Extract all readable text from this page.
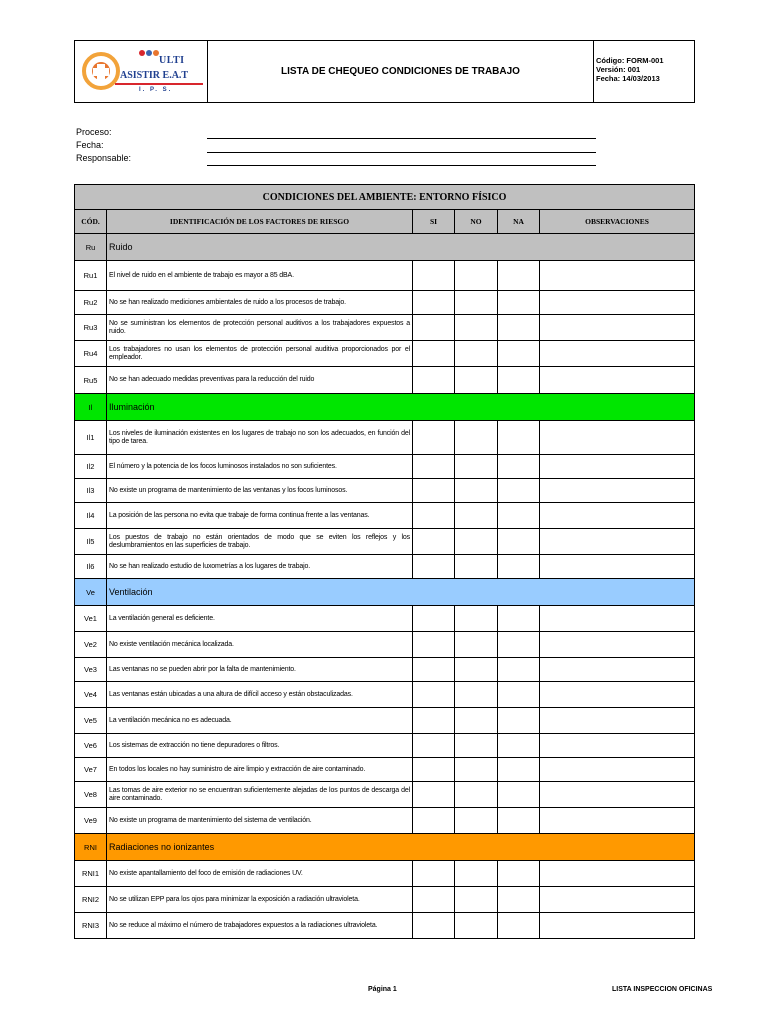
ULTI
ASISTIR E.A.T
I. P. S.
LISTA DE CHEQUEO CONDICIONES DE TRABAJO
Código: FORM-001
Versión: 001
Fecha: 14/03/2013
Proceso:
Fecha:
Responsable:
CONDICIONES DEL AMBIENTE: ENTORNO FÍSICO					
CÓD.	IDENTIFICACIÓN DE LOS FACTORES DE RIESGO	SI	NO	NA	OBSERVACIONES
Ru	Ruido				
Ru1	El nivel de ruido en el ambiente de trabajo es mayor a 85 dBA.				
Ru2	No se han realizado mediciones ambientales de ruido a los procesos de trabajo.				
Ru3	No se suministran los elementos de protección personal auditivos a los trabajadores expuestos a ruido.				
Ru4	Los trabajadores no usan los elementos de protección personal auditiva proporcionados por el empleador.				
Ru5	No se han adecuado medidas preventivas para la reducción del ruido				
Il	Iluminación				
Il1	Los niveles de iluminación existentes en los lugares de trabajo no son los adecuados, en función del tipo de tarea.				
Il2	El número y la potencia de los focos luminosos instalados no son suficientes.				
Il3	No existe un programa de mantenimiento de las ventanas y los focos luminosos.				
Il4	La posición de las persona no evita que trabaje de forma continua frente a las ventanas.				
Il5	Los puestos de trabajo no están orientados de modo que se eviten los reflejos y los deslumbramientos en las superficies de trabajo.				
Il6	No se han realizado estudio de luxometrías a los lugares de trabajo.				
Ve	Ventilación				
Ve1	La ventilación general es deficiente.				
Ve2	No existe ventilación mecánica localizada.				
Ve3	Las ventanas no se pueden abrir por la falta de mantenimiento.				
Ve4	Las ventanas están ubicadas a una altura de difícil acceso y están obstaculizadas.				
Ve5	La ventilación mecánica no es adecuada.				
Ve6	Los sistemas de extracción no tiene depuradores o filtros.				
Ve7	En todos los locales no hay suministro de aire limpio y extracción de aire contaminado.				
Ve8	Las tomas de aire exterior no se encuentran suficientemente alejadas de los puntos de descarga del aire contaminado.				
Ve9	No existe un programa de mantenimiento del sistema de ventilación.				
RNI	Radiaciones no ionizantes				
RNI1	No existe apantallamiento del foco de emisión de radiaciones UV.				
RNI2	No se utilizan EPP para los ojos para minimizar la exposición a radiación ultravioleta.				
RNI3	No se reduce al máximo el número de trabajadores expuestos a la radiaciones ultravioleta.				
Página 1	LISTA INSPECCION OFICINAS
